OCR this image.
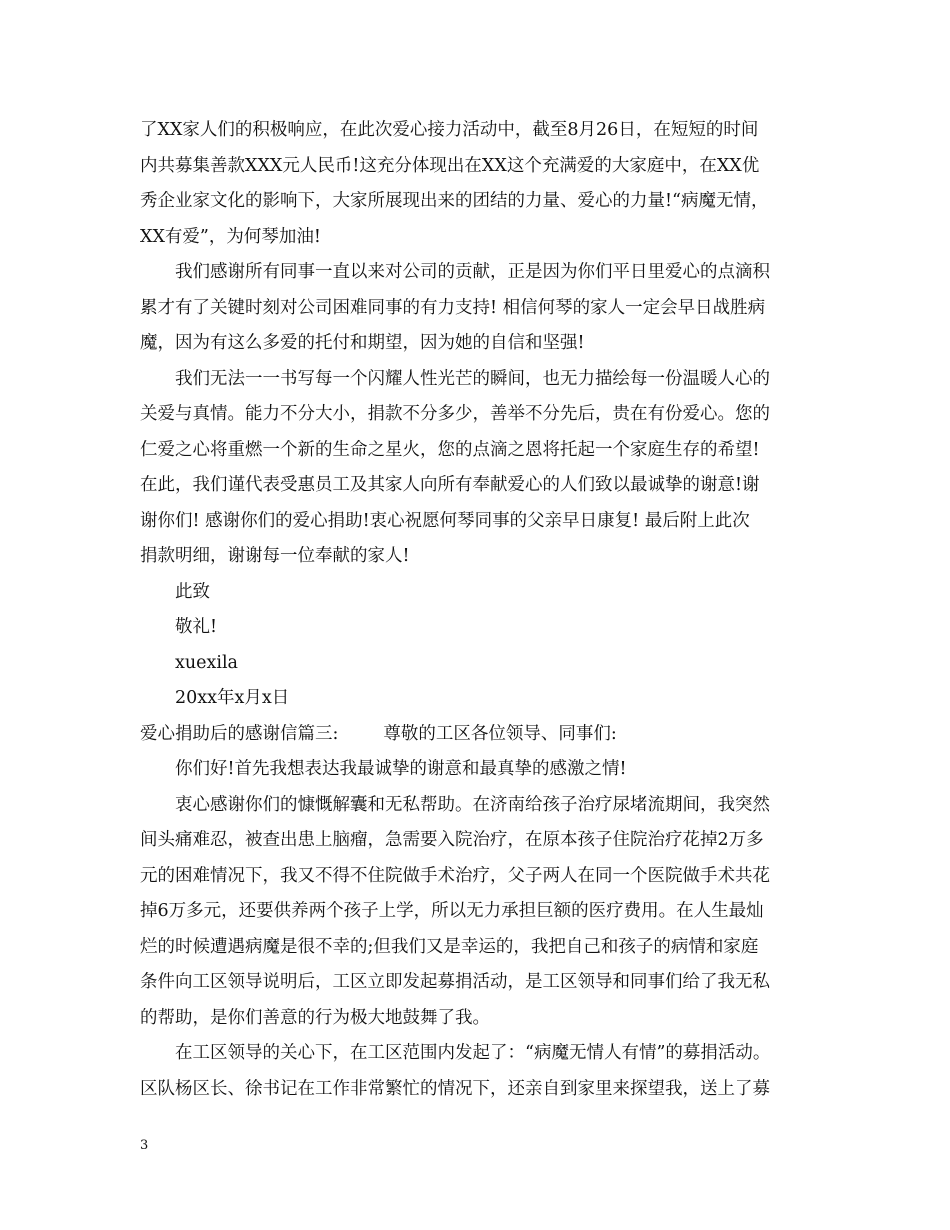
了XX家人们的积极响应，在此次爱心接力活动中，截至8月26日，在短短的时间
内共募集善款XXX元人民币!这充分体现出在XX这个充满爱的大家庭中，在XX优
秀企业家文化的影响下，大家所展现出来的团结的力量、爱心的力量!“病魔无情，
XX有爱”，为何琴加油!
我们感谢所有同事一直以来对公司的贡献，正是因为你们平日里爱心的点滴积
累才有了关键时刻对公司困难同事的有力支持! 相信何琴的家人一定会早日战胜病
魔，因为有这么多爱的托付和期望，因为她的自信和坚强!
我们无法一一书写每一个闪耀人性光芒的瞬间，也无力描绘每一份温暖人心的
关爱与真情。能力不分大小，捐款不分多少，善举不分先后，贵在有份爱心。您的
仁爱之心将重燃一个新的生命之星火，您的点滴之恩将托起一个家庭生存的希望!
在此，我们谨代表受惠员工及其家人向所有奉献爱心的人们致以最诚挚的谢意!谢
谢你们! 感谢你们的爱心捐助!衷心祝愿何琴同事的父亲早日康复! 最后附上此次
捐款明细，谢谢每一位奉献的家人!
此致
敬礼!
xuexila
20xx年x月x日
爱心捐助后的感谢信篇三:	尊敬的工区各位领导、同事们:
你们好!首先我想表达我最诚挚的谢意和最真挚的感激之情!
衷心感谢你们的慷慨解囊和无私帮助。在济南给孩子治疗尿堵流期间，我突然
间头痛难忍，被查出患上脑瘤，急需要入院治疗，在原本孩子住院治疗花掉2万多
元的困难情况下，我又不得不住院做手术治疗，父子两人在同一个医院做手术共花
掉6万多元，还要供养两个孩子上学，所以无力承担巨额的医疗费用。在人生最灿
烂的时候遭遇病魔是很不幸的;但我们又是幸运的，我把自己和孩子的病情和家庭
条件向工区领导说明后，工区立即发起募捐活动，是工区领导和同事们给了我无私
的帮助，是你们善意的行为极大地鼓舞了我。
在工区领导的关心下，在工区范围内发起了：“病魔无情人有情”的募捐活动。
区队杨区长、徐书记在工作非常繁忙的情况下，还亲自到家里来探望我，送上了募
3
